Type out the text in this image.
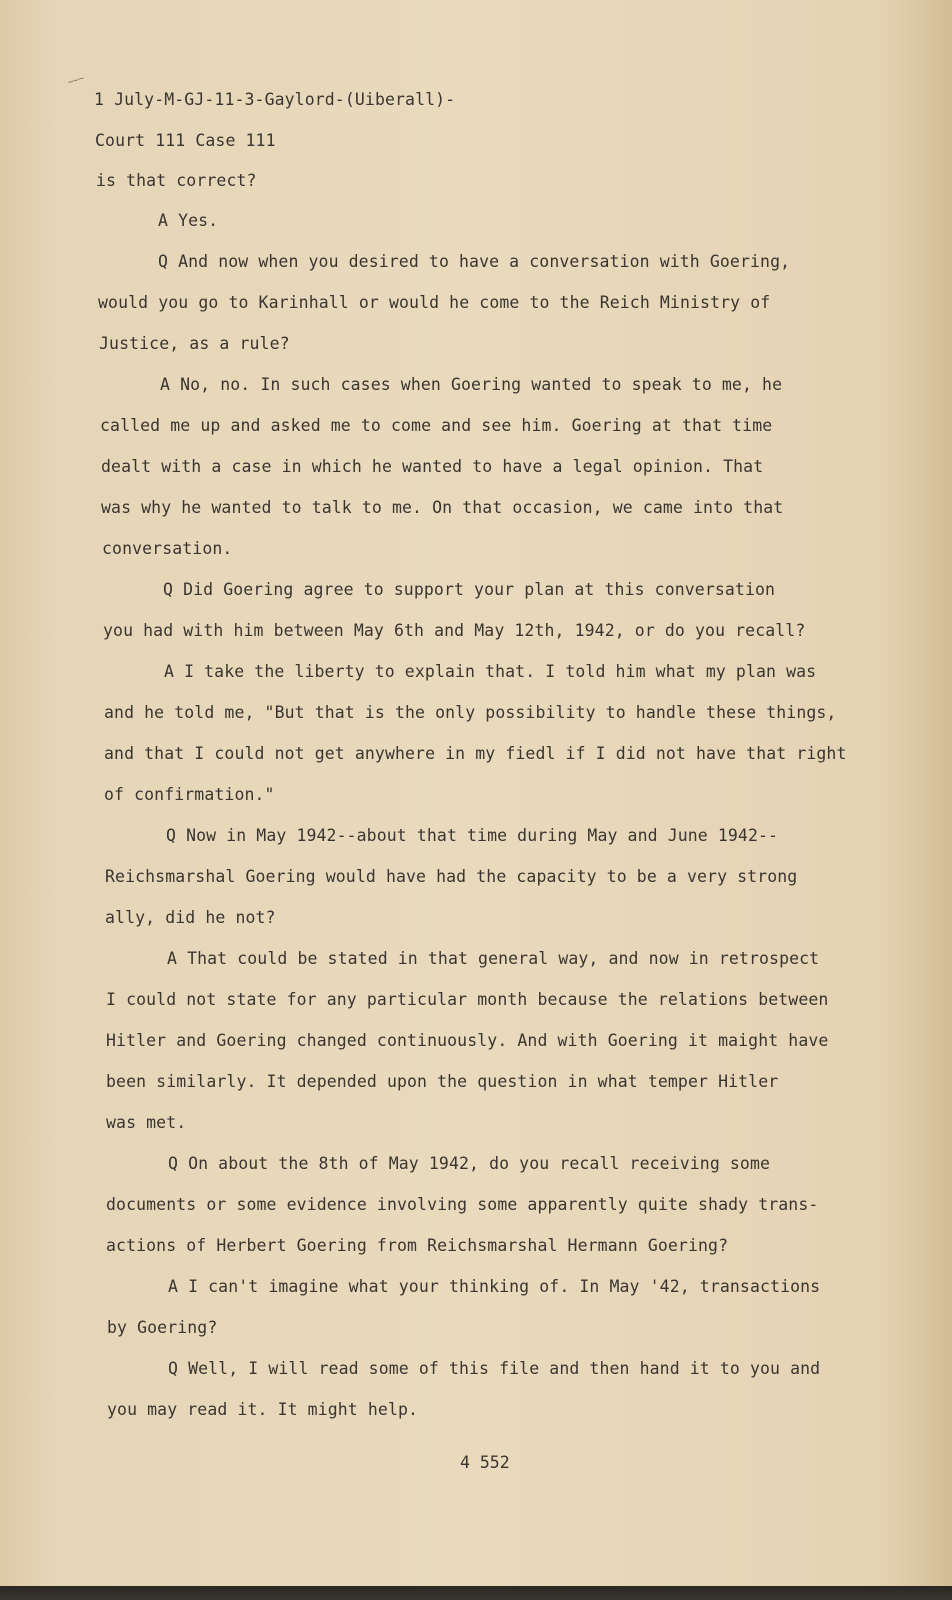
~~~
1 July-M-GJ-11-3-Gaylord-(Uiberall)-
Court 111 Case 111
is that correct?
A Yes.
Q And now when you desired to have a conversation with Goering,
would you go to Karinhall or would he come to the Reich Ministry of
Justice, as a rule?
A No, no. In such cases when Goering wanted to speak to me, he
called me up and asked me to come and see him. Goering at that time
dealt with a case in which he wanted to have a legal opinion. That
was why he wanted to talk to me. On that occasion, we came into that
conversation.
Q Did Goering agree to support your plan at this conversation
you had with him between May 6th and May 12th, 1942, or do you recall?
A I take the liberty to explain that. I told him what my plan was
and he told me, "But that is the only possibility to handle these things,
and that I could not get anywhere in my fiedl if I did not have that right
of confirmation."
Q Now in May 1942--about that time during May and June 1942--
Reichsmarshal Goering would have had the capacity to be a very strong
ally, did he not?
A That could be stated in that general way, and now in retrospect
I could not state for any particular month because the relations between
Hitler and Goering changed continuously. And with Goering it maight have
been similarly. It depended upon the question in what temper Hitler
was met.
Q On about the 8th of May 1942, do you recall receiving some
documents or some evidence involving some apparently quite shady trans-
actions of Herbert Goering from Reichsmarshal Hermann Goering?
A I can't imagine what your thinking of. In May '42, transactions
by Goering?
Q Well, I will read some of this file and then hand it to you and
you may read it. It might help.
4 552
